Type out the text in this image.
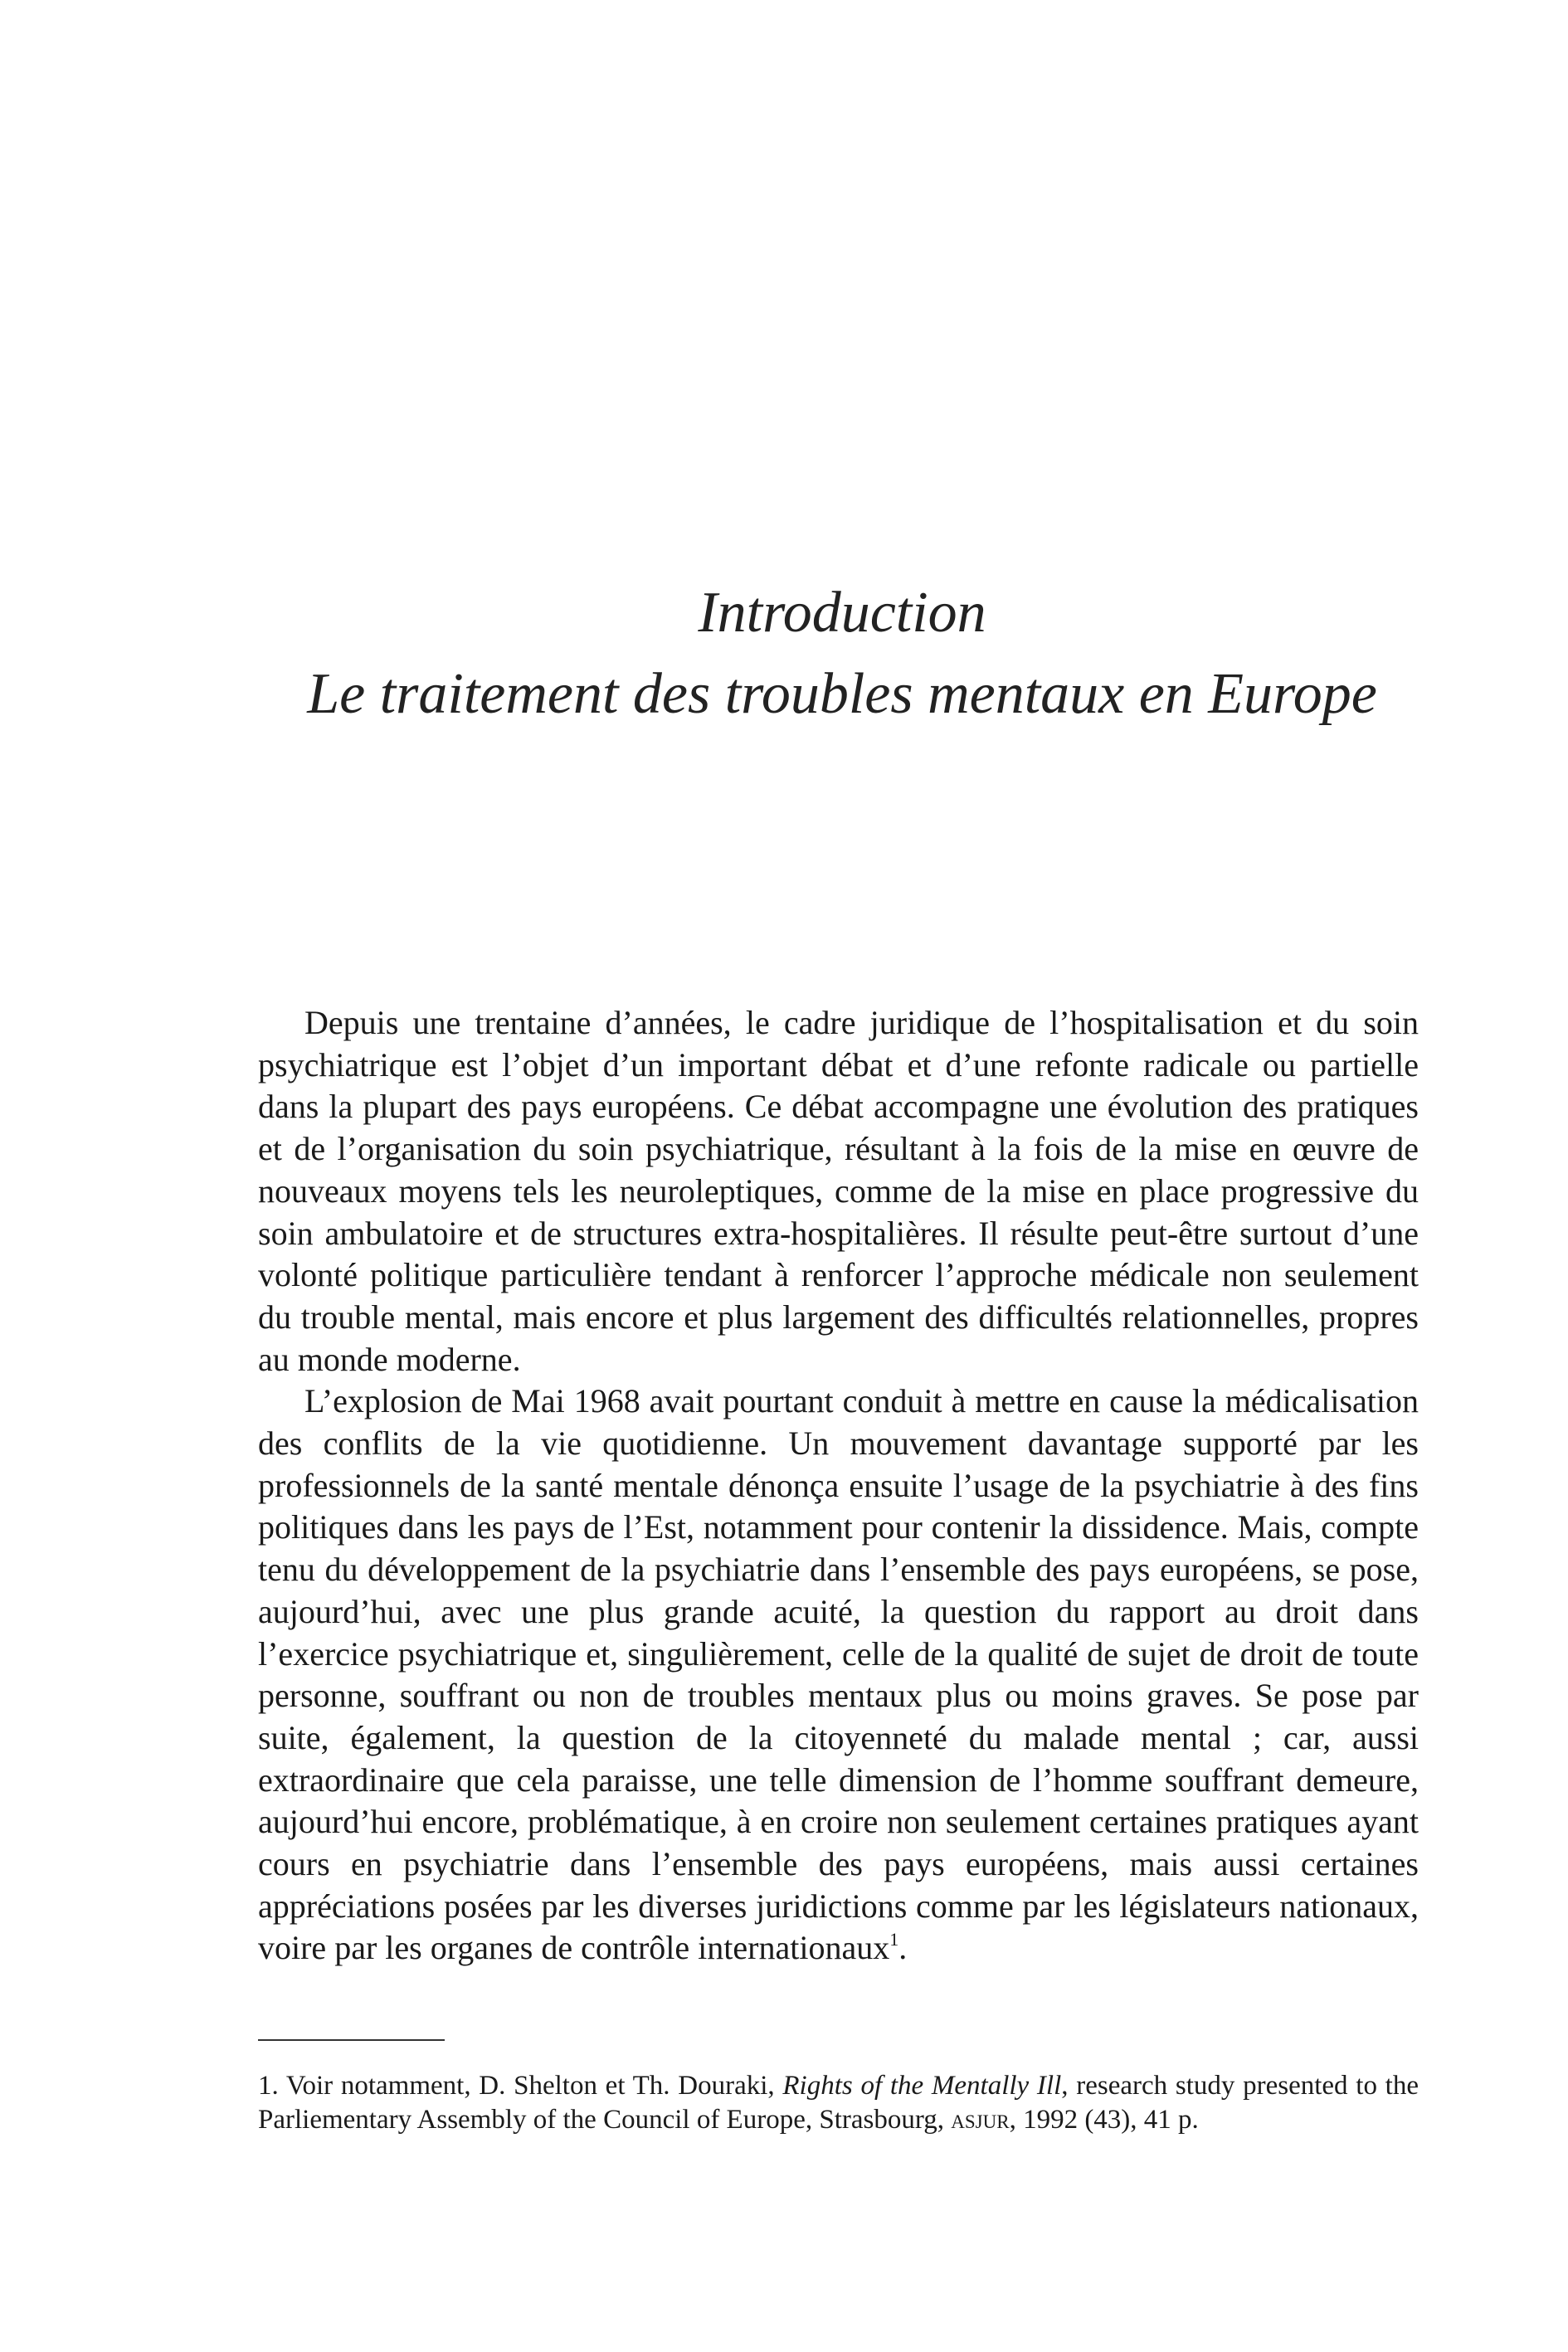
Introduction
Le traitement des troubles mentaux en Europe

Depuis une trentaine d’années, le cadre juridique de l’hospitalisation et du soin psychiatrique est l’objet d’un important débat et d’une refonte radicale ou partielle dans la plupart des pays européens. Ce débat accompagne une évolution des pratiques et de l’organisation du soin psychiatrique, résultant à la fois de la mise en œuvre de nouveaux moyens tels les neuroleptiques, comme de la mise en place progressive du soin ambulatoire et de structures extra-hospitalières. Il résulte peut-être surtout d’une volonté politique particulière tendant à renforcer l’approche médicale non seulement du trouble mental, mais encore et plus largement des difficultés relationnelles, propres au monde moderne.

L’explosion de Mai 1968 avait pourtant conduit à mettre en cause la médicalisation des conflits de la vie quotidienne. Un mouvement davantage supporté par les professionnels de la santé mentale dénonça ensuite l’usage de la psychiatrie à des fins politiques dans les pays de l’Est, notamment pour contenir la dissidence. Mais, compte tenu du développement de la psychiatrie dans l’ensemble des pays européens, se pose, aujourd’hui, avec une plus grande acuité, la question du rapport au droit dans l’exercice psychiatrique et, singulièrement, celle de la qualité de sujet de droit de toute personne, souffrant ou non de troubles mentaux plus ou moins graves. Se pose par suite, également, la question de la citoyenneté du malade mental ; car, aussi extraordinaire que cela paraisse, une telle dimension de l’homme souffrant demeure, aujourd’hui encore, problématique, à en croire non seulement certaines pratiques ayant cours en psychiatrie dans l’ensemble des pays européens, mais aussi certaines appréciations posées par les diverses juridictions comme par les législateurs nationaux, voire par les organes de contrôle internationaux$^1$.

1. Voir notamment, D. Shelton et Th. Douraki, Rights of the Mentally Ill, research study presented to the Parliementary Assembly of the Council of Europe, Strasbourg, asjur, 1992 (43), 41 p.
